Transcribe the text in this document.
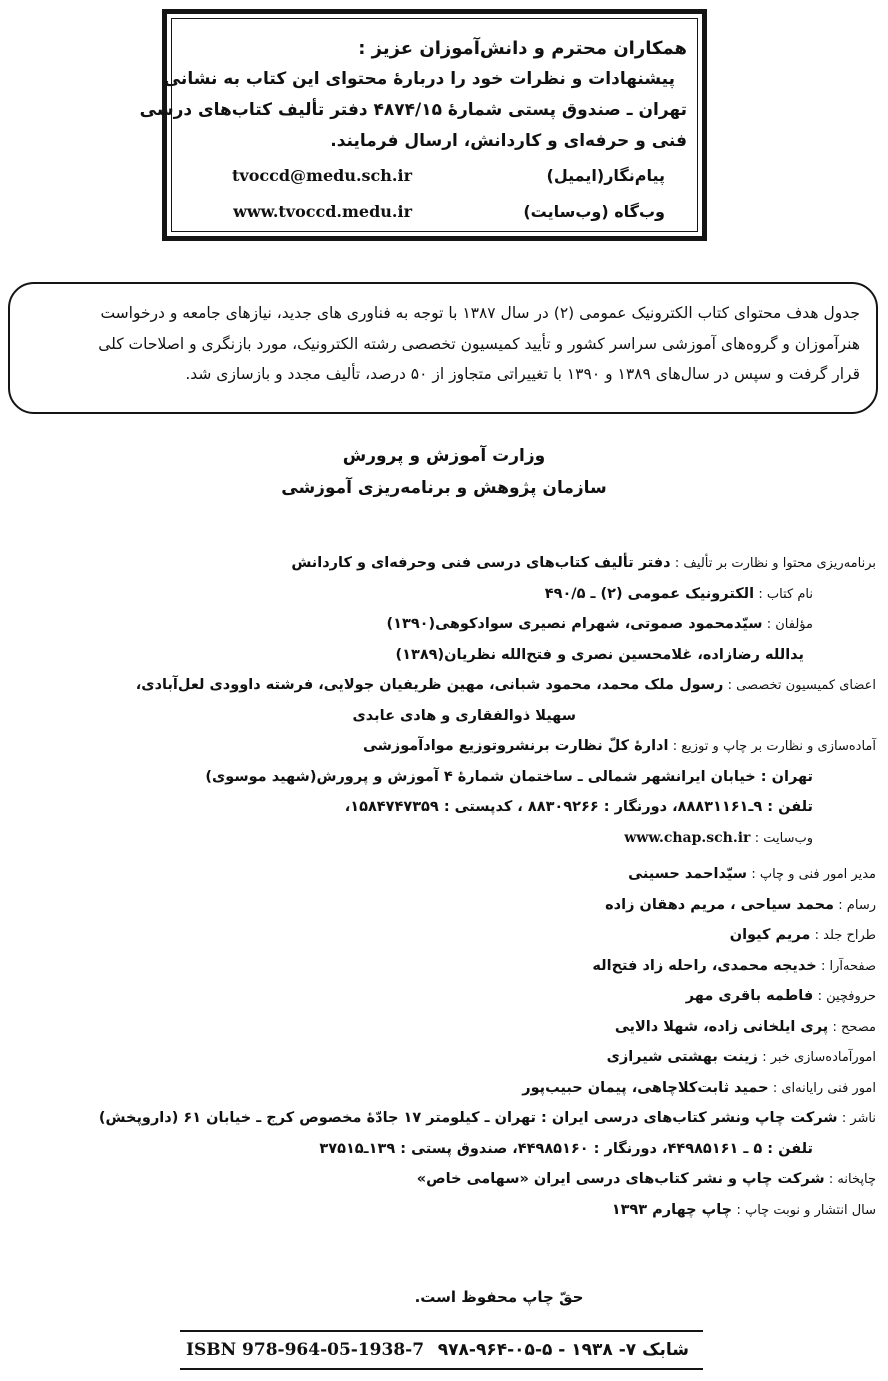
همکاران محترم و دانش‌آموزان عزیز :
پیشنهادات و نظرات خود را دربارهٔ محتوای این کتاب به نشانی
تهران ـ صندوق پستی شمارهٔ ۴۸۷۴/۱۵ دفتر تألیف کتاب‌های درسی
فنی و حرفه‌ای و کاردانش، ارسال فرمایند.
tvoccd@medu.sch.ir	پیام‌نگار(ایمیل)
www.tvoccd.medu.ir	وب‌گاه (وب‌سایت)

جدول هدف محتوای کتاب الکترونیک عمومی (۲) در سال ۱۳۸۷ با توجه به فناوری های جدید، نیازهای جامعه و درخواست

هنرآموزان و گروه‌های آموزشی سراسر کشور و تأیید کمیسیون تخصصی رشته الکترونیک، مورد بازنگری و اصلاحات کلی

قرار گرفت و سپس در سال‌های ۱۳۸۹ و ۱۳۹۰ با تغییراتی متجاوز از ۵۰ درصد، تألیف مجدد و بازسازی شد.

وزارت آموزش و پرورش
سازمان پژوهش و برنامه‌ریزی آموزشی
برنامه‌ریزی محتوا و نظارت بر تألیف : دفتر تألیف کتاب‌های درسی فنی وحرفه‌ای و کاردانش
نام کتاب : الکترونیک عمومی (۲) ـ ۴۹۰/۵
مؤلفان : سیّدمحمود صموتی، شهرام نصیری سوادکوهی(۱۳۹۰)
یدالله رضازاده، غلامحسین نصری و فتح‌الله نظریان(۱۳۸۹)
اعضای کمیسیون تخصصی : رسول ملک محمد، محمود شبانی، مهین ظریفیان جولایی، فرشته داوودی لعل‌آبادی،
سهیلا ذوالفقاری و هادی عابدی
آماده‌سازی و نظارت بر چاپ و توزیع : ادارهٔ کلّ نظارت برنشروتوزیع موادآموزشی
تهران : خیابان ایرانشهر شمالی ـ ساختمان شمارهٔ ۴ آموزش و پرورش(شهید موسوی)
تلفن : ۹ـ۸۸۸۳۱۱۶۱، دورنگار : ۸۸۳۰۹۲۶۶ ، کدپستی : ۱۵۸۴۷۴۷۳۵۹،
وب‌سایت : www.chap.sch.ir
مدیر امور فنی و چاپ : سیّداحمد حسینی
رسام : محمد سیاحی ، مریم دهقان زاده
طراح جلد : مریم کیوان
صفحه‌آرا : خدیجه محمدی، راحله زاد فتح‌اله
حروفچین : فاطمه باقری مهر
مصحح : پری ایلخانی زاده، شهلا دالایی
امورآماده‌سازی خبر : زینت بهشتی شیرازی
امور فنی رایانه‌ای : حمید ثابت‌کلاچاهی، پیمان حبیب‌پور
ناشر : شرکت چاپ ونشر کتاب‌های درسی ایران : تهران ـ کیلومتر ۱۷ جادّهٔ مخصوص کرج ـ خیابان ۶۱ (داروپخش)
تلفن : ۵ ـ ۴۴۹۸۵۱۶۱، دورنگار : ۴۴۹۸۵۱۶۰، صندوق پستی : ۱۳۹ـ۳۷۵۱۵
چاپخانه : شرکت چاپ و نشر کتاب‌های درسی ایران «سهامی خاص»
سال انتشار و نوبت چاپ : چاپ چهارم ۱۳۹۳
حقّ چاپ محفوظ است.
ISBN 978-964-05-1938-7 شابک ۷- ۱۹۳۸ - ۵-۰۵-۹۶۴-۹۷۸
